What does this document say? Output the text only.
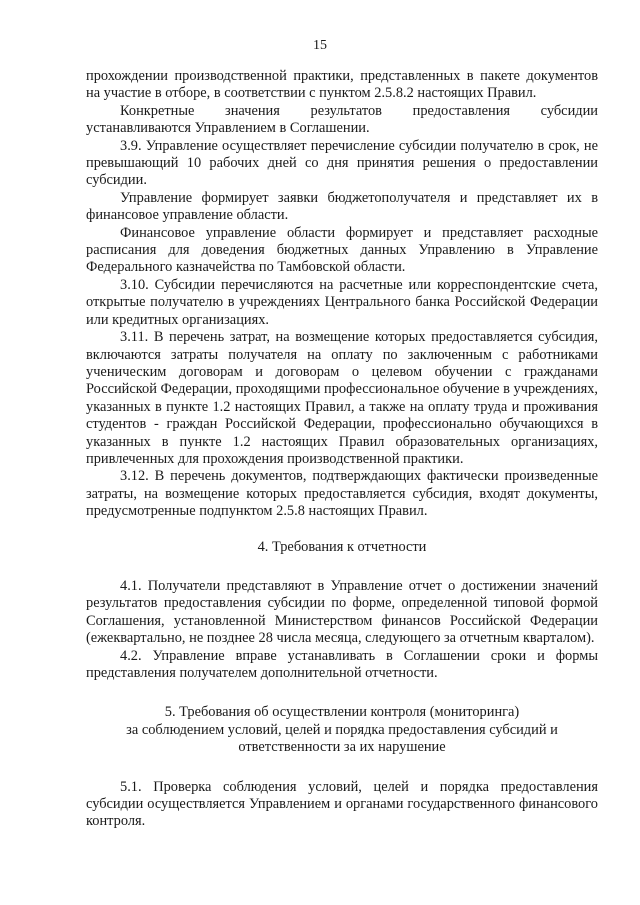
15

прохождении производственной практики, представленных в пакете документов на участие в отборе, в соответствии с пунктом 2.5.8.2 настоящих Правил.

Конкретные значения результатов предоставления субсидии устанавливаются Управлением в Соглашении.

3.9. Управление осуществляет перечисление субсидии получателю в срок, не превышающий 10 рабочих дней со дня принятия решения о предоставлении субсидии.

Управление формирует заявки бюджетополучателя и представляет их в финансовое управление области.

Финансовое управление области формирует и представляет расходные расписания для доведения бюджетных данных Управлению в Управление Федерального казначейства по Тамбовской области.

3.10. Субсидии перечисляются на расчетные или корреспондентские счета, открытые получателю в учреждениях Центрального банка Российской Федерации или кредитных организациях.

3.11. В перечень затрат, на возмещение которых предоставляется субсидия, включаются затраты получателя на оплату по заключенным с работниками ученическим договорам и договорам о целевом обучении с гражданами Российской Федерации, проходящими профессиональное обучение в учреждениях, указанных в пункте 1.2 настоящих Правил, а также на оплату труда и проживания студентов - граждан Российской Федерации, профессионально обучающихся в указанных в пункте 1.2 настоящих Правил образовательных организациях, привлеченных для прохождения производственной практики.

3.12. В перечень документов, подтверждающих фактически произведенные затраты, на возмещение которых предоставляется субсидия, входят документы, предусмотренные подпунктом 2.5.8 настоящих Правил.

4. Требования к отчетности

4.1. Получатели представляют в Управление отчет о достижении значений результатов предоставления субсидии по форме, определенной типовой формой Соглашения, установленной Министерством финансов Российской Федерации (ежеквартально, не позднее 28 числа месяца, следующего за отчетным кварталом).

4.2. Управление вправе устанавливать в Соглашении сроки и формы представления получателем дополнительной отчетности.

5. Требования об осуществлении контроля (мониторинга)

за соблюдением условий, целей и порядка предоставления субсидий и

ответственности за их нарушение

5.1. Проверка соблюдения условий, целей и порядка предоставления субсидии осуществляется Управлением и органами государственного финансового контроля.
